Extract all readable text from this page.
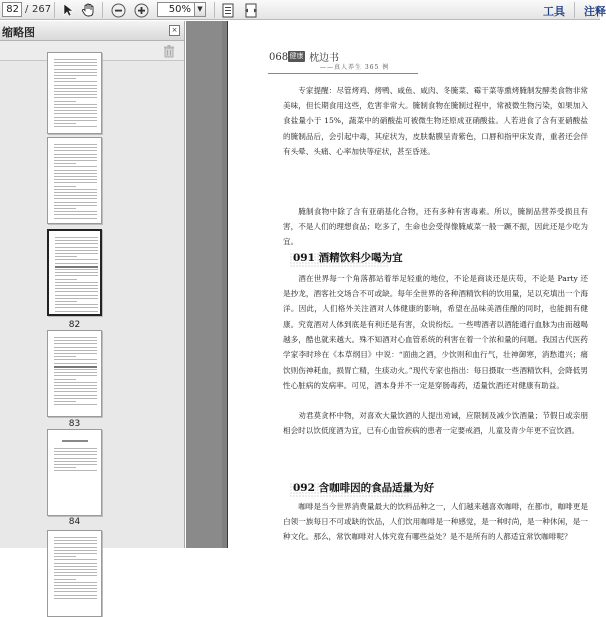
82 / 267	50% ▼	工具 注释
缩略图	×
82
83
84
068 健康 枕边书
——真人养生 365 例
专家提醒：尽管烤鸡、烤鸭、咸鱼、咸肉、冬腌菜、霉干菜等熏烤腌制发酵类食物非常美味，但长期食用这些，危害非常大。腌制食物在腌制过程中，常被微生物污染，如果加入食盐量小于 15%，蔬菜中的硝酸盐可被微生物还原成亚硝酸盐。人若进食了含有亚硝酸盐的腌制品后，会引起中毒，其症状为，皮肤黏膜呈青紫色，口唇和指甲床发青，重者还会伴有头晕、头痛、心率加快等症状，甚至昏迷。
腌制食物中除了含有亚硝基化合物，还有多种有害毒素。所以，腌制品营养受损且有害，不是人们的理想食品；吃多了，生命也会受得像腌咸菜一般一蹶不振，因此还是少吃为宜。
091 酒精饮料少喝为宜
酒在世界每一个角落都站着举足轻重的地位，不论是商谈还是庆苟，不论是 Party 还是抄龙，酒客社交场合不可或缺。每年全世界的各种酒精饮料的饮用量，足以充填出一个海洋。因此，人们格外关注酒对人体健康的影响，希望在品味美酒佳酿的同时，也能拥有健康。 究竟酒对人体到底是有利还是有害，众说纷纭。一些啤酒者以酒能通行血脉为由而越喝越多，酷也就来越大。殊不知酒对心血管系统的利害在着一个浓和量的问题。我国古代医药学家李时珍在《本草纲目》中说：“面曲之酒，少饮则和血行气，壮神御寒，消愁遣兴；痛饮则伤神耗血，损胃亡精，生痰动火。”现代专家也指出：每日摄取一些酒精饮料，会降低男性心脏病的发病率。可见，酒本身并不一定是穿肠毒药，适量饮酒还对健康有助益。
劝君莫贪杯中物，对喜欢大量饮酒的人提出劝诫，应限制及减少饮酒量；节假日或亲朋相会时以饮低度酒为宜，已有心血管疾病的患者一定要戒酒，儿童及青少年更不宜饮酒。
092 含咖啡因的食品适量为好
咖啡是当今世界消费量最大的饮料品种之一，人们越来越喜欢咖啡，在都市，咖啡更是白领一族每日不可或缺的饮品，人们饮用咖啡是一种感觉，是一种时尚，是一种休闲，是一种文化。那么，常饮咖啡对人体究竟有哪些益处？是不是所有的人都适宜常饮咖啡呢？
